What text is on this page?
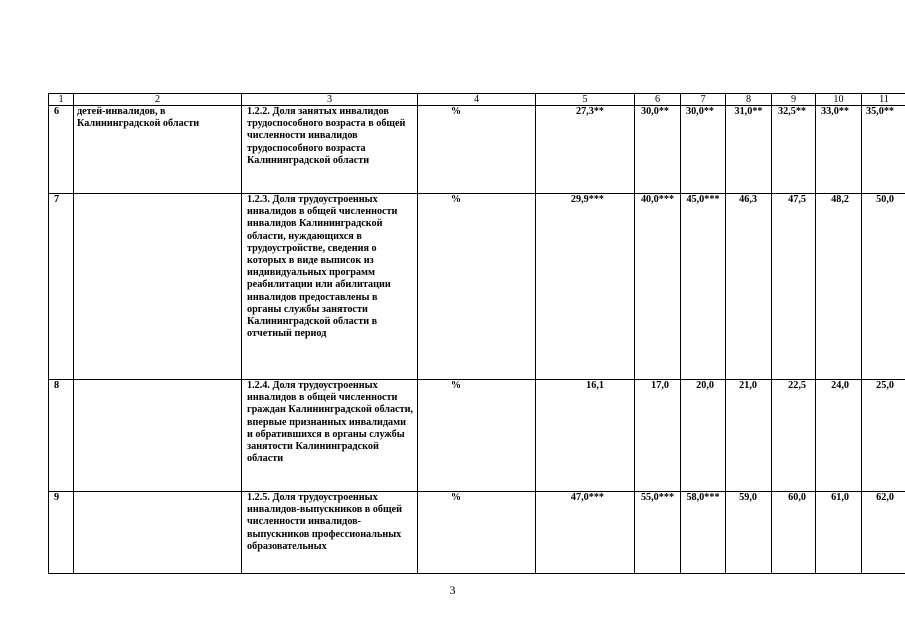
1	2	3	4	5	6	7	8	9	10	11
6	детей-инвалидов, в Калининградской области	1.2.2. Доля занятых инвалидов трудоспособного возраста в общей численности инвалидов трудоспособного возраста Калининградской области	%	27,3**	30,0**	30,0**	31,0**	32,5**	33,0**	35,0**
7		1.2.3. Доля трудоустроенных инвалидов в общей численности инвалидов Калининградской области, нуждающихся в трудоустройстве, сведения о которых в виде выписок из индивидуальных программ реабилитации или абилитации инвалидов предоставлены в органы службы занятости Калининградской области в отчетный период	%	29,9***	40,0***	45,0***	46,3	47,5	48,2	50,0
8		1.2.4. Доля трудоустроенных инвалидов в общей численности граждан Калининградской области, впервые признанных инвалидами и обратившихся в органы службы занятости Калининградской области	%	16,1	17,0	20,0	21,0	22,5	24,0	25,0
9		1.2.5. Доля трудоустроенных инвалидов-выпускников в общей численности инвалидов-выпускников профессиональных образовательных	%	47,0***	55,0***	58,0***	59,0	60,0	61,0	62,0
3
